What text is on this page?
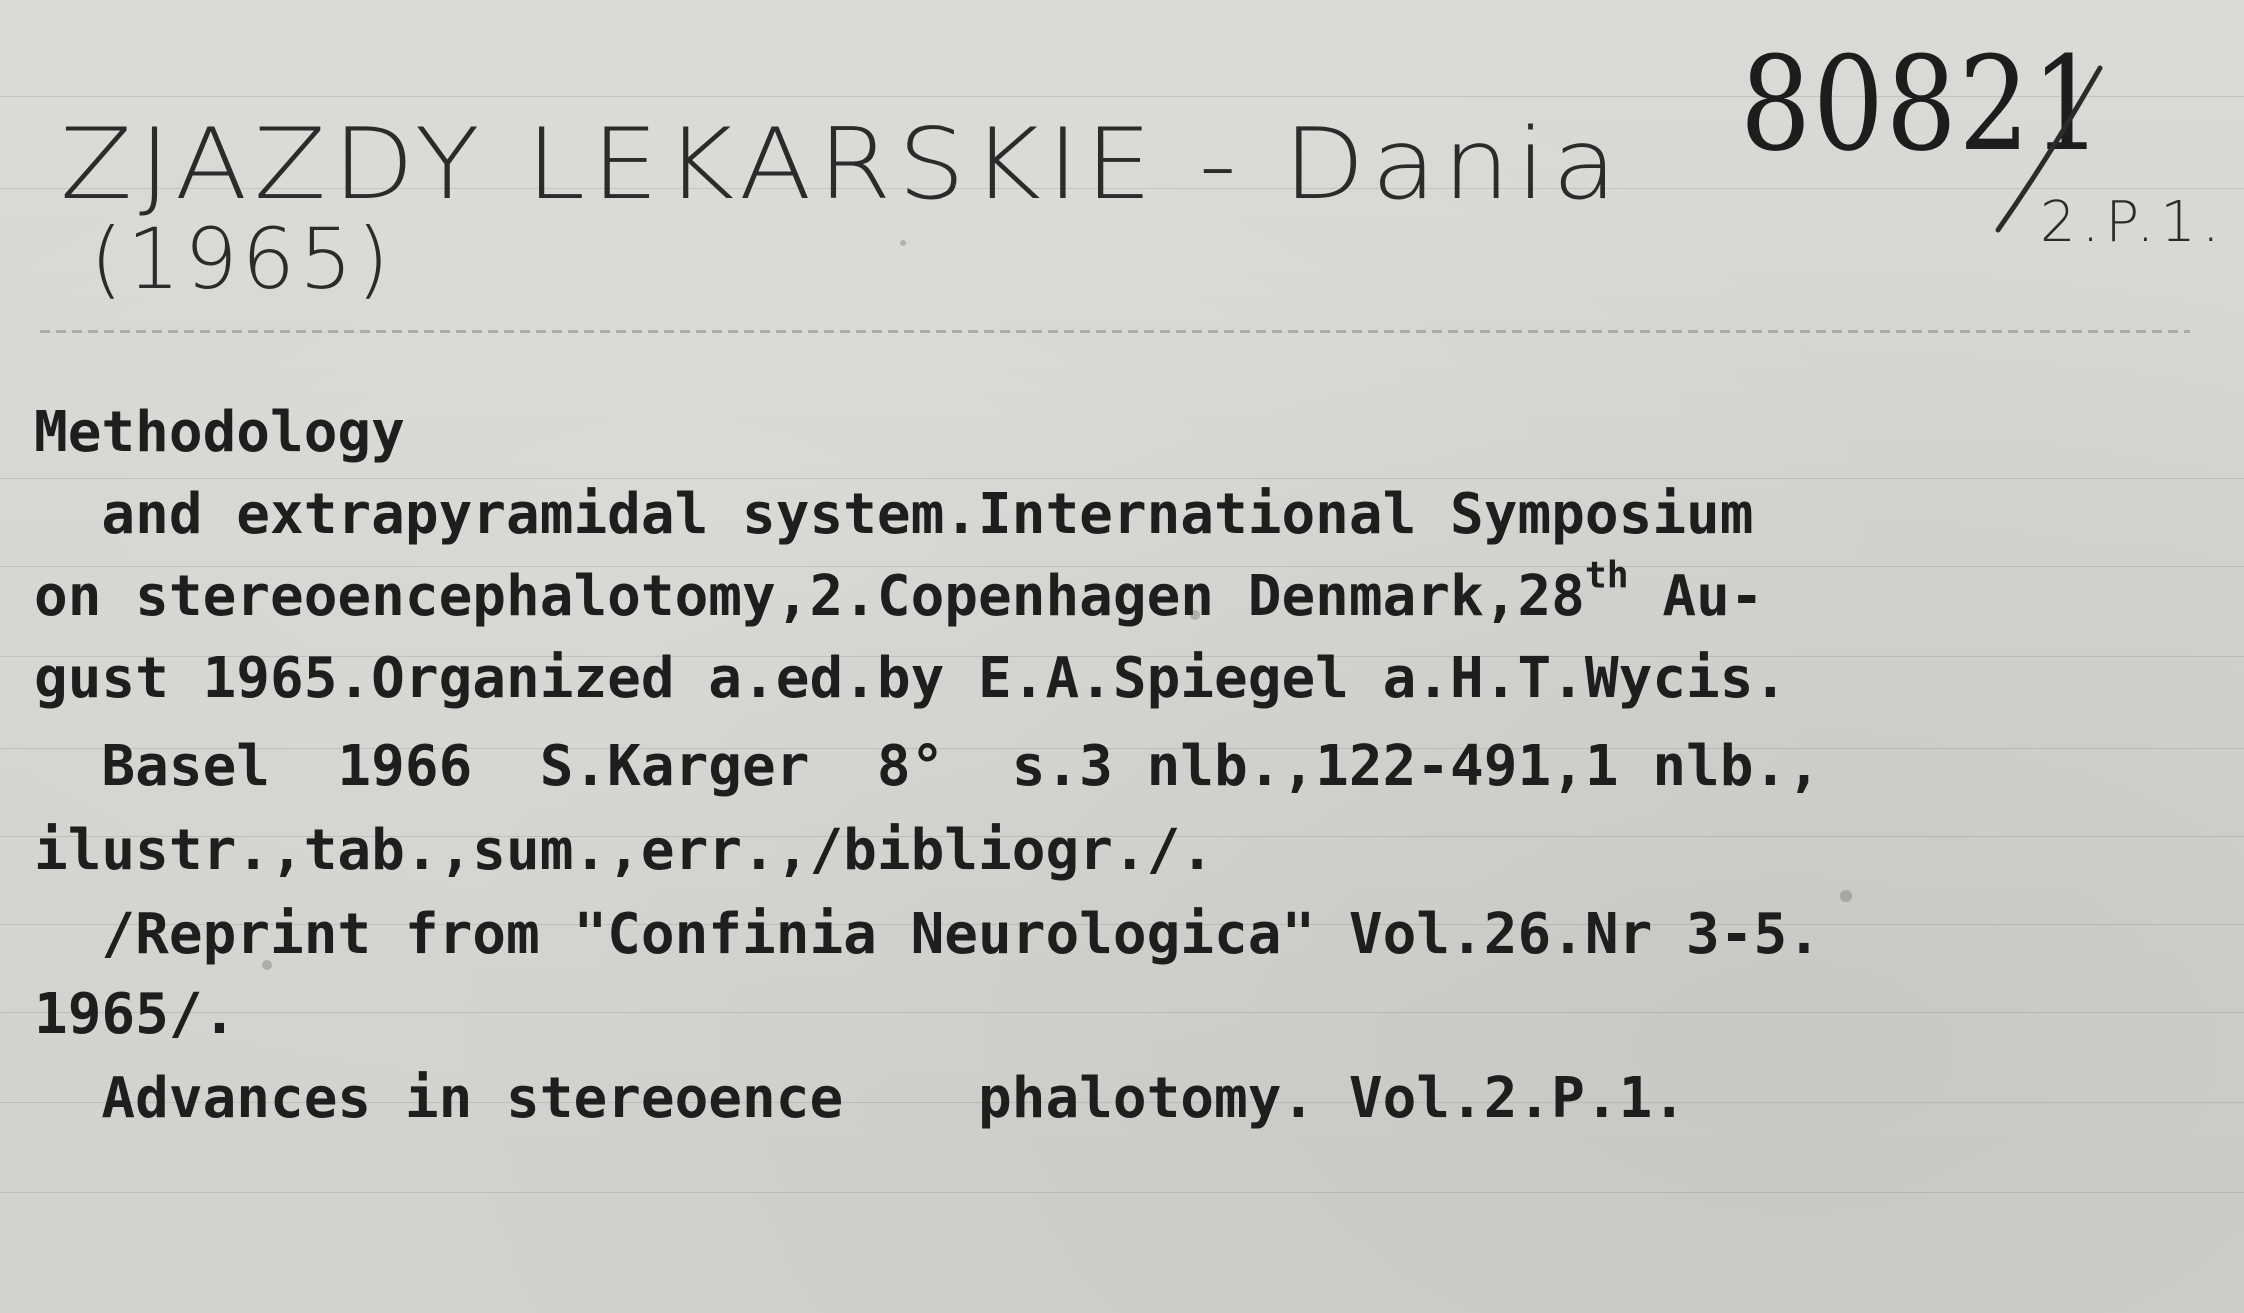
ZJAZDY LEKARSKIE - Dania
(1965)
80821
2.P.1.
Methodology
and extrapyramidal system.International Symposium
on stereoencephalotomy,2.Copenhagen Denmark,28th Au-
gust 1965.Organized a.ed.by E.A.Spiegel a.H.T.Wycis.
Basel  1966  S.Karger  8°  s.3 nlb.,122-491,1 nlb.,
ilustr.,tab.,sum.,err.,/bibliogr./.
/Reprint from "Confinia Neurologica" Vol.26.Nr 3-5.
1965/.
Advances in stereoence    phalotomy. Vol.2.P.1.
